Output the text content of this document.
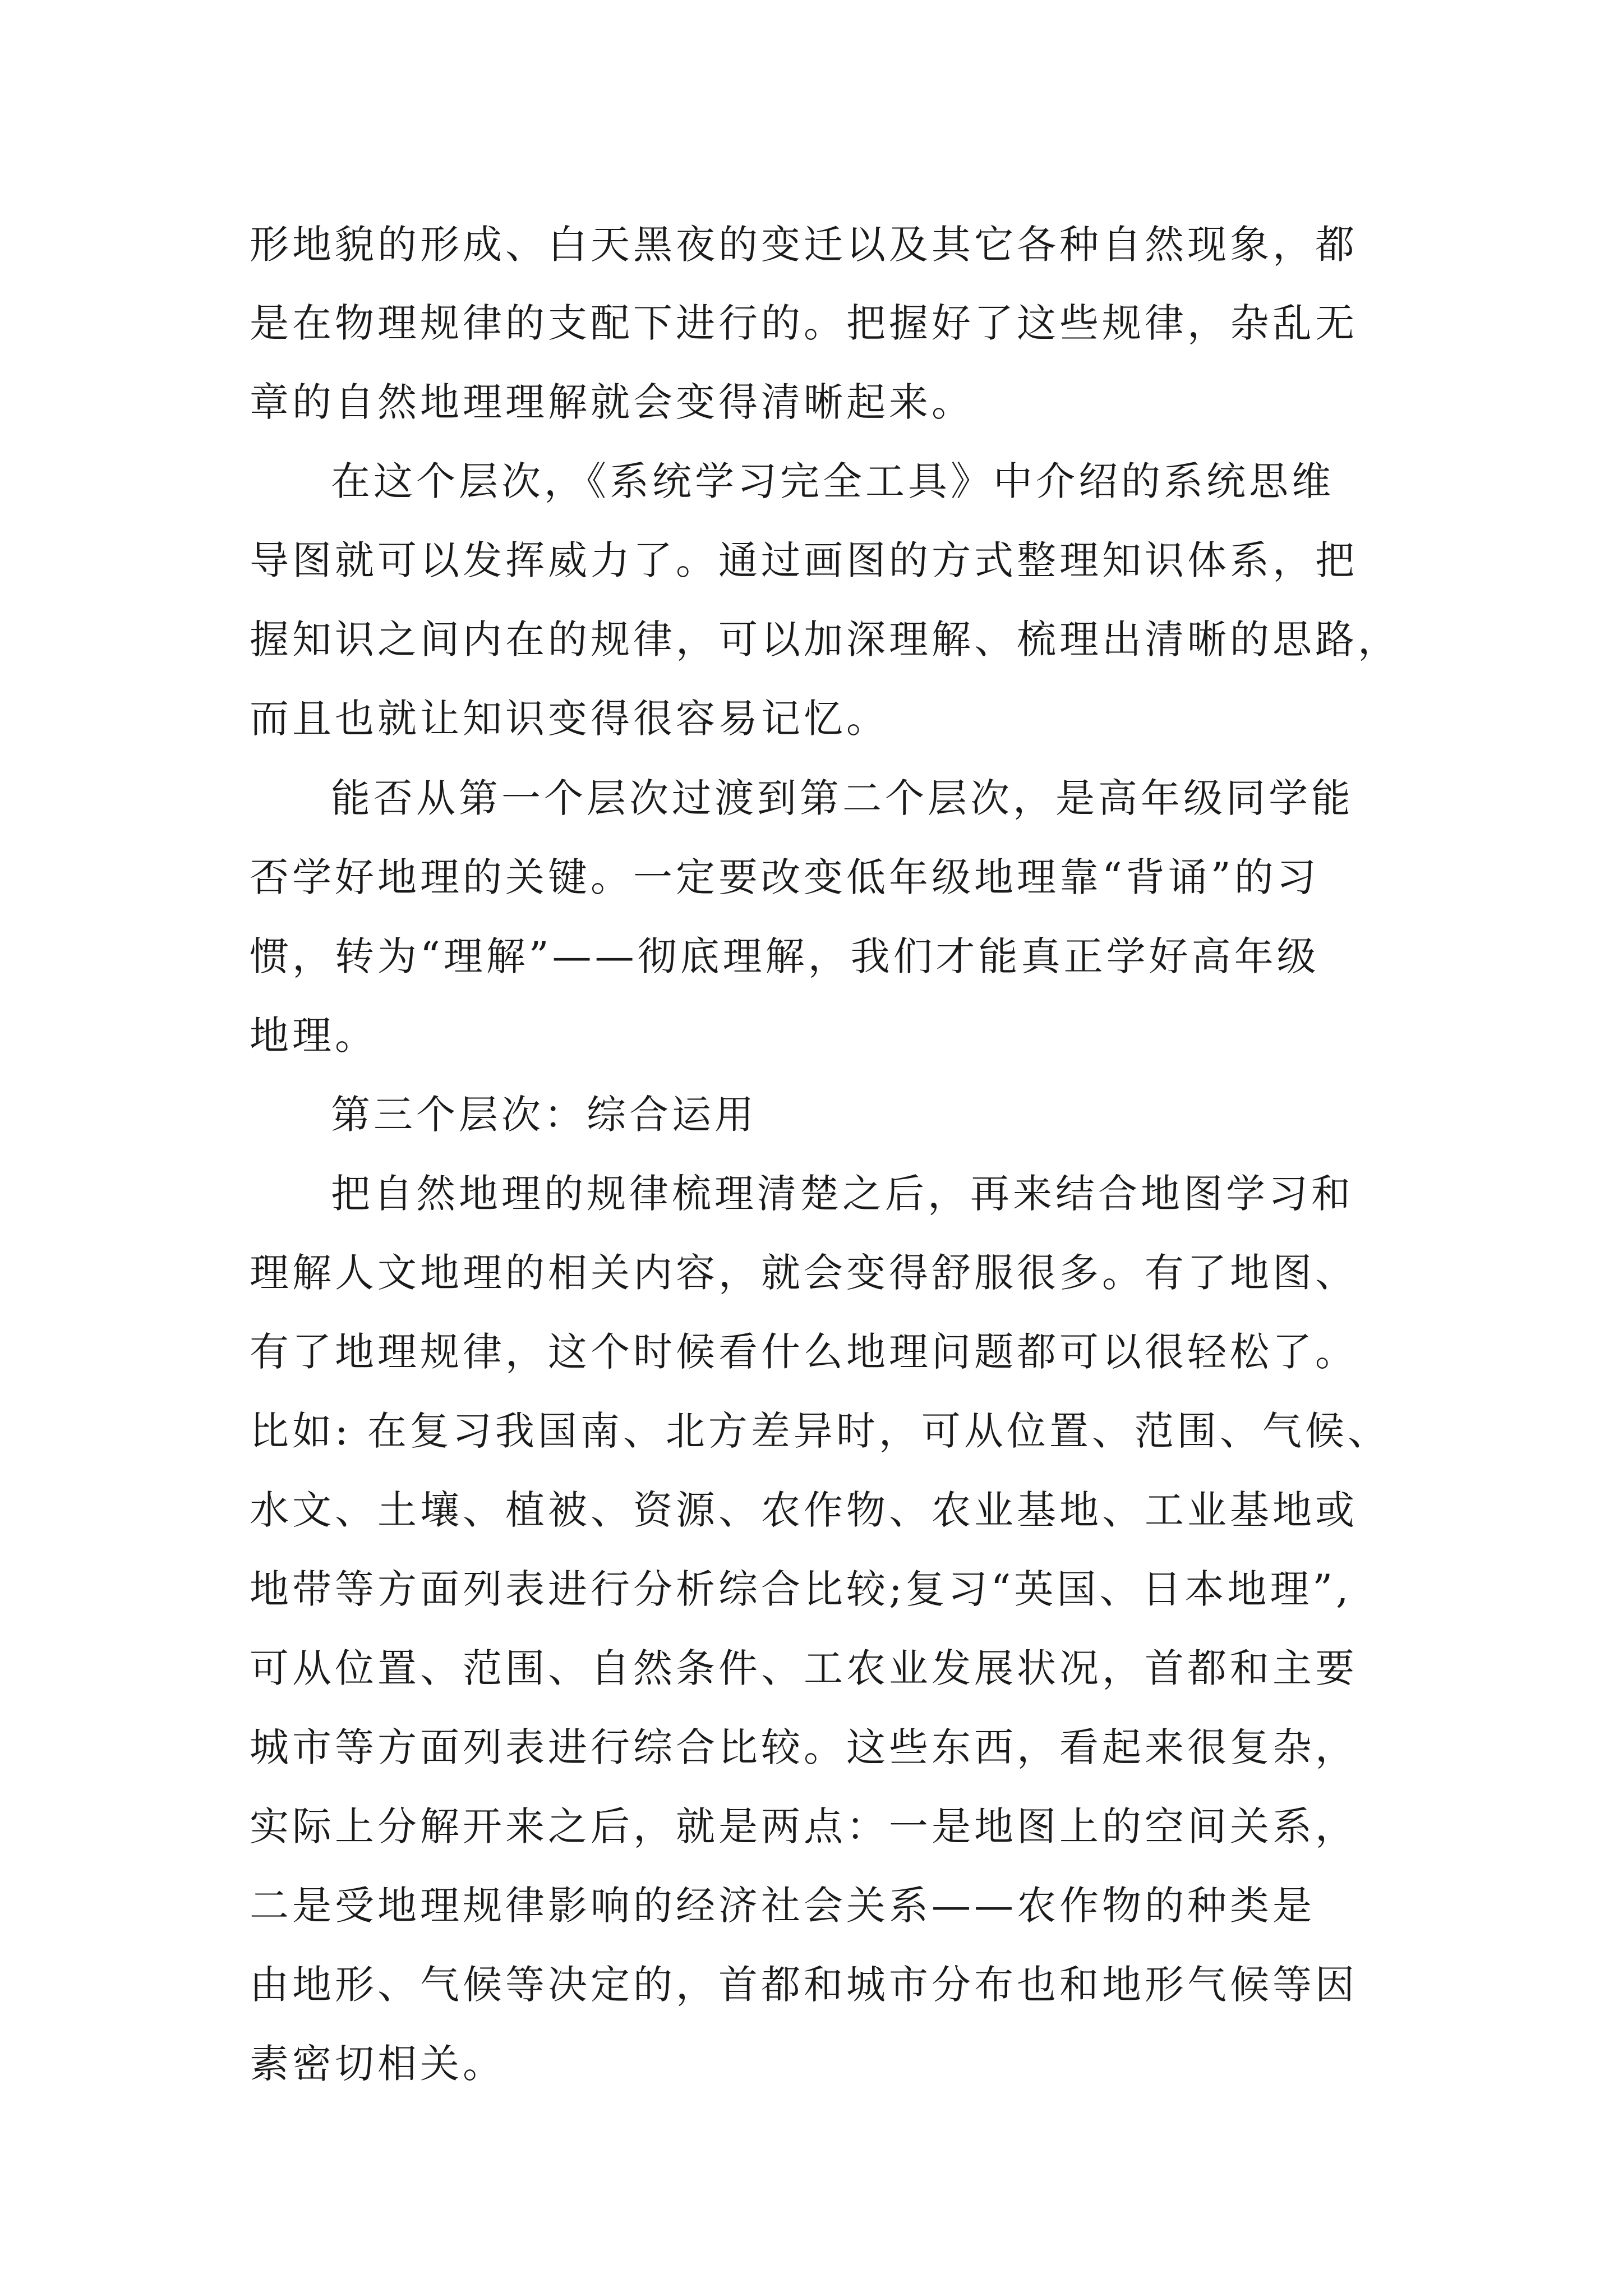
形地貌的形成、白天黑夜的变迁以及其它各种自然现象，都
是在物理规律的支配下进行的。把握好了这些规律，杂乱无
章的自然地理理解就会变得清晰起来。
在这个层次，《系统学习完全工具》中介绍的系统思维
导图就可以发挥威力了。通过画图的方式整理知识体系，把
握知识之间内在的规律，可以加深理解、梳理出清晰的思路，
而且也就让知识变得很容易记忆。
能否从第一个层次过渡到第二个层次，是高年级同学能
否学好地理的关键。一定要改变低年级地理靠“背诵”的习
惯，转为“理解”——彻底理解，我们才能真正学好高年级
地理。
第三个层次：综合运用
把自然地理的规律梳理清楚之后，再来结合地图学习和
理解人文地理的相关内容，就会变得舒服很多。有了地图、
有了地理规律，这个时候看什么地理问题都可以很轻松了。
比如: 在复习我国南、北方差异时，可从位置、范围、气候、
水文、土壤、植被、资源、农作物、农业基地、工业基地或
地带等方面列表进行分析综合比较;复习“英国、日本地理”,
可从位置、范围、自然条件、工农业发展状况，首都和主要
城市等方面列表进行综合比较。这些东西，看起来很复杂，
实际上分解开来之后，就是两点：一是地图上的空间关系，
二是受地理规律影响的经济社会关系——农作物的种类是
由地形、气候等决定的，首都和城市分布也和地形气候等因
素密切相关。
